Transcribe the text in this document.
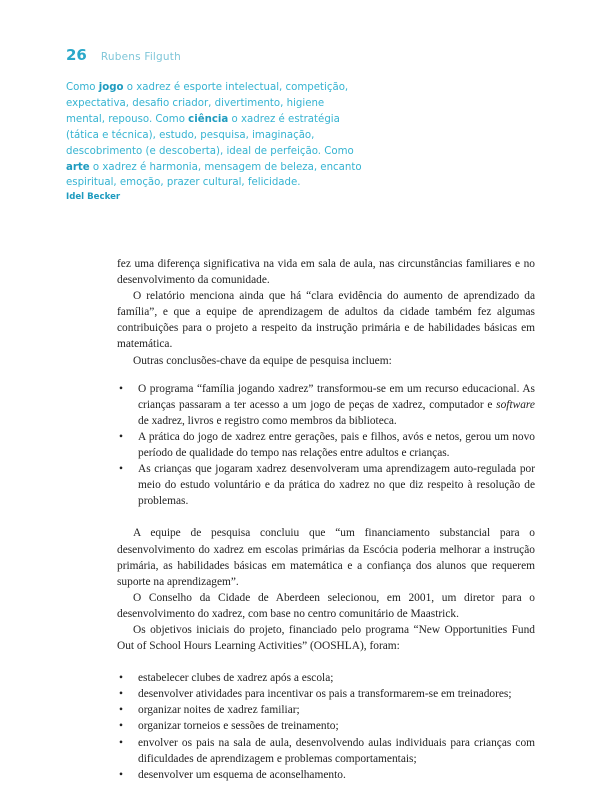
26 Rubens Filguth

Como jogo o xadrez é esporte intelectual, competição, expectativa, desafio criador, divertimento, higiene mental, repouso. Como ciência o xadrez é estratégia (tática e técnica), estudo, pesquisa, imaginação, descobrimento (e descoberta), ideal de perfeição. Como arte o xadrez é harmonia, mensagem de beleza, encanto espiritual, emoção, prazer cultural, felicidade.

Idel Becker

fez uma diferença significativa na vida em sala de aula, nas circunstâncias familiares e no desenvolvimento da comunidade.

O relatório menciona ainda que há “clara evidência do aumento de aprendizado da família”, e que a equipe de aprendizagem de adultos da cidade também fez algumas contribuições para o projeto a respeito da instrução primária e de habilidades básicas em matemática.

Outras conclusões-chave da equipe de pesquisa incluem:

• O programa “família jogando xadrez” transformou-se em um recurso educacional. As crianças passaram a ter acesso a um jogo de peças de xadrez, computador e software de xadrez, livros e registro como membros da biblioteca.
• A prática do jogo de xadrez entre gerações, pais e filhos, avós e netos, gerou um novo período de qualidade do tempo nas relações entre adultos e crianças.
• As crianças que jogaram xadrez desenvolveram uma aprendizagem auto-regulada por meio do estudo voluntário e da prática do xadrez no que diz respeito à resolução de problemas.

A equipe de pesquisa concluiu que “um financiamento substancial para o desenvolvimento do xadrez em escolas primárias da Escócia poderia melhorar a instrução primária, as habilidades básicas em matemática e a confiança dos alunos que requerem suporte na aprendizagem”.

O Conselho da Cidade de Aberdeen selecionou, em 2001, um diretor para o desenvolvimento do xadrez, com base no centro comunitário de Maastrick.

Os objetivos iniciais do projeto, financiado pelo programa “New Opportunities Fund Out of School Hours Learning Activities” (OOSHLA), foram:

• estabelecer clubes de xadrez após a escola;
• desenvolver atividades para incentivar os pais a transformarem-se em treinadores;
• organizar noites de xadrez familiar;
• organizar torneios e sessões de treinamento;
• envolver os pais na sala de aula, desenvolvendo aulas individuais para crianças com dificuldades de aprendizagem e problemas comportamentais;
• desenvolver um esquema de aconselhamento.
